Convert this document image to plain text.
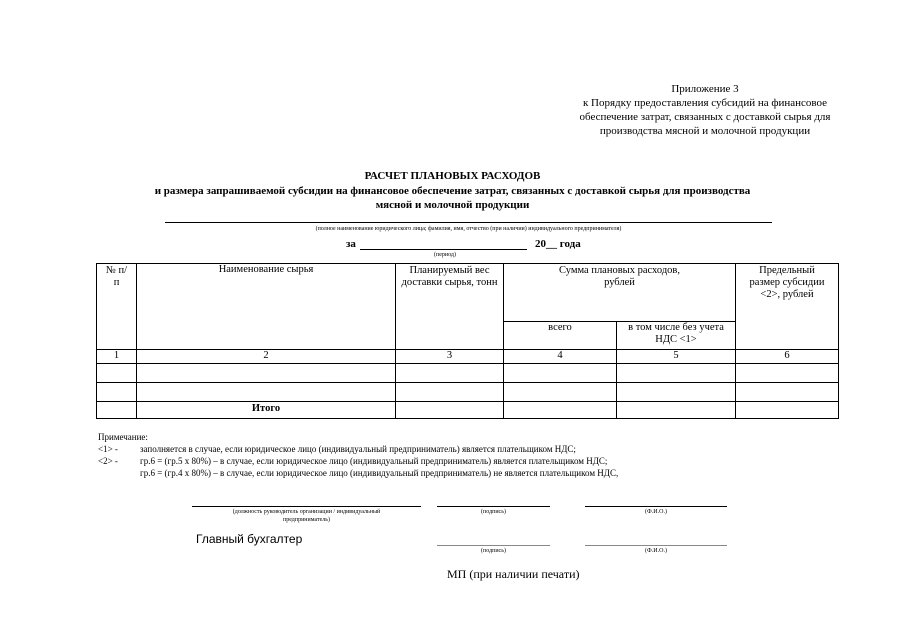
Приложение 3
к Порядку предоставления субсидий на финансовое
обеспечение затрат, связанных с доставкой сырья для
производства мясной и молочной продукции
РАСЧЕТ ПЛАНОВЫХ РАСХОДОВ
и размера запрашиваемой субсидии на финансовое обеспечение затрат, связанных с доставкой сырья для производства
мясной и молочной продукции
(полное наименование юридического лица; фамилия, имя, отчество (при наличии) индивидуального предпринимателя)
за	20__ года
(период)
№ п/п	Наименование сырья	Планируемый вес доставки сырья, тонн	Сумма плановых расходов, рублей		Предельный размер субсидии <2>, рублей

			всего	в том числе без учета НДС <1>	

1	2	3	4	5	6

	Итого				
Примечание:
<1> - заполняется в случае, если юридическое лицо (индивидуальный предприниматель) является плательщиком НДС;
<2> - гр.6 = (гр.5 х 80%) – в случае, если юридическое лицо (индивидуальный предприниматель) является плательщиком НДС;
гр.6 = (гр.4 х 80%) – в случае, если юридическое лицо (индивидуальный предприниматель) не является плательщиком НДС,
(должность руководитель организации / индивидуальный
предприниматель)
(подпись)	(Ф.И.О.)
Главный бухгалтер
(подпись)	(Ф.И.О.)
МП (при наличии печати)
